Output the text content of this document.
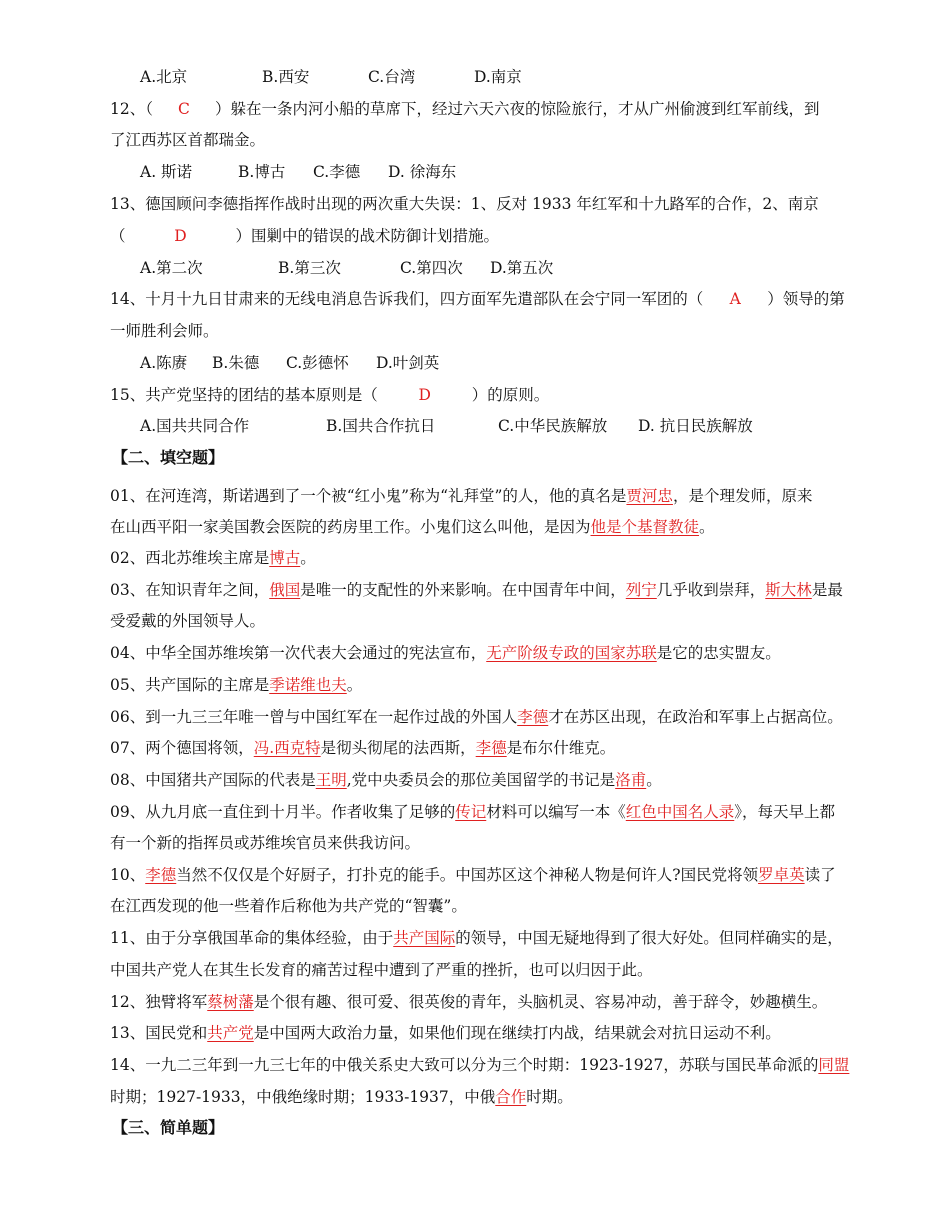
A.北京	B.西安	C.台湾	D.南京
12、（ C ）躲在一条内河小船的草席下，经过六天六夜的惊险旅行，才从广州偷渡到红军前线，到
了江西苏区首都瑞金。
A. 斯诺	B.博古 C.李德 D. 徐海东
13、德国顾问李德指挥作战时出现的两次重大失误：1、反对 1933 年红军和十九路军的合作，2、南京
（	D	）围剿中的错误的战术防御计划措施。
A.第二次	B.第三次	C.第四次 D.第五次
14、十月十九日甘肃来的无线电消息告诉我们，四方面军先遣部队在会宁同一军团的（ A ）领导的第
一师胜利会师。
A.陈赓 B.朱德 C.彭德怀 D.叶剑英
15、共产党坚持的团结的基本原则是（	D	）的原则。
A.国共共同合作	B.国共合作抗日	C.中华民族解放 D. 抗日民族解放
【二、填空题】
01、在河连湾，斯诺遇到了一个被“红小鬼”称为“礼拜堂”的人，他的真名是贾河忠，是个理发师，原来
在山西平阳一家美国教会医院的药房里工作。小鬼们这么叫他，是因为他是个基督教徒。
02、西北苏维埃主席是博古。
03、在知识青年之间，俄国是唯一的支配性的外来影响。在中国青年中间，列宁几乎收到崇拜，斯大林是最
受爱戴的外国领导人。
04、中华全国苏维埃第一次代表大会通过的宪法宣布，无产阶级专政的国家苏联是它的忠实盟友。
05、共产国际的主席是季诺维也夫。
06、到一九三三年唯一曾与中国红军在一起作过战的外国人李德才在苏区出现，在政治和军事上占据高位。
07、两个德国将领，冯.西克特是彻头彻尾的法西斯，李德是布尔什维克。
08、中国猪共产国际的代表是王明,党中央委员会的那位美国留学的书记是洛甫。
09、从九月底一直住到十月半。作者收集了足够的传记材料可以编写一本《红色中国名人录》，每天早上都
有一个新的指挥员或苏维埃官员来供我访问。
10、李德当然不仅仅是个好厨子，打扑克的能手。中国苏区这个神秘人物是何许人?国民党将领罗卓英读了
在江西发现的他一些着作后称他为共产党的“智囊”。
11、由于分享俄国革命的集体经验，由于共产国际的领导，中国无疑地得到了很大好处。但同样确实的是，
中国共产党人在其生长发育的痛苦过程中遭到了严重的挫折，也可以归因于此。
12、独臂将军蔡树藩是个很有趣、很可爱、很英俊的青年，头脑机灵、容易冲动，善于辞令，妙趣横生。
13、国民党和共产党是中国两大政治力量，如果他们现在继续打内战，结果就会对抗日运动不利。
14、一九二三年到一九三七年的中俄关系史大致可以分为三个时期：1923-1927，苏联与国民革命派的同盟
时期；1927-1933，中俄绝缘时期；1933-1937，中俄合作时期。
【三、简单题】
